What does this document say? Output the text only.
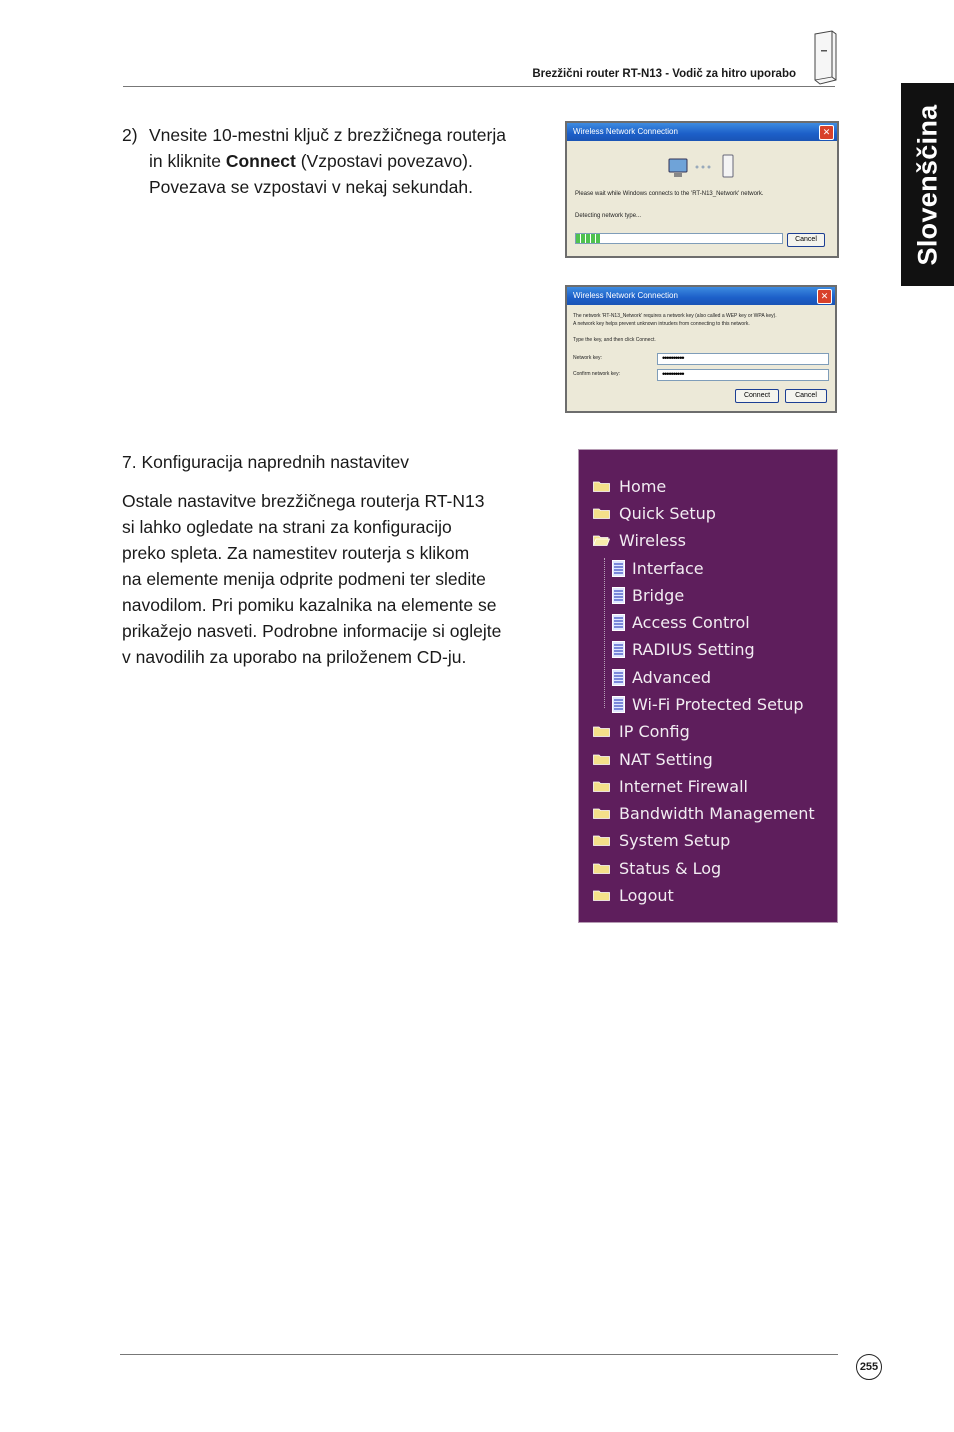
Brezžični router RT-N13 - Vodič za hitro uporabo
Slovenščina
2) Vnesite 10-mestni ključ z brezžičnega routerja
in kliknite Connect (Vzpostavi povezavo).
Povezava se vzpostavi v nekaj sekundah.
Wireless Network Connection	✕
Please wait while Windows connects to the 'RT-N13_Network' network.
Detecting network type...
Cancel
Wireless Network Connection	✕
The network 'RT-N13_Network' requires a network key (also called a WEP key or WPA key).
A network key helps prevent unknown intruders from connecting to this network.
Type the key, and then click Connect.
Network key:	••••••••••
Confirm network key:	••••••••••
Connect	Cancel
7. Konfiguracija naprednih nastavitev
Ostale nastavitve brezžičnega routerja RT-N13
si lahko ogledate na strani za konfiguracijo
preko spleta. Za namestitev routerja s klikom
na elemente menija odprite podmeni ter sledite
navodilom. Pri pomiku kazalnika na elemente se
prikažejo nasveti. Podrobne informacije si oglejte
v navodilih za uporabo na priloženem CD-ju.
Home
Quick Setup
Wireless
Interface
Bridge
Access Control
RADIUS Setting
Advanced
Wi-Fi Protected Setup
IP Config
NAT Setting
Internet Firewall
Bandwidth Management
System Setup
Status & Log
Logout
255
